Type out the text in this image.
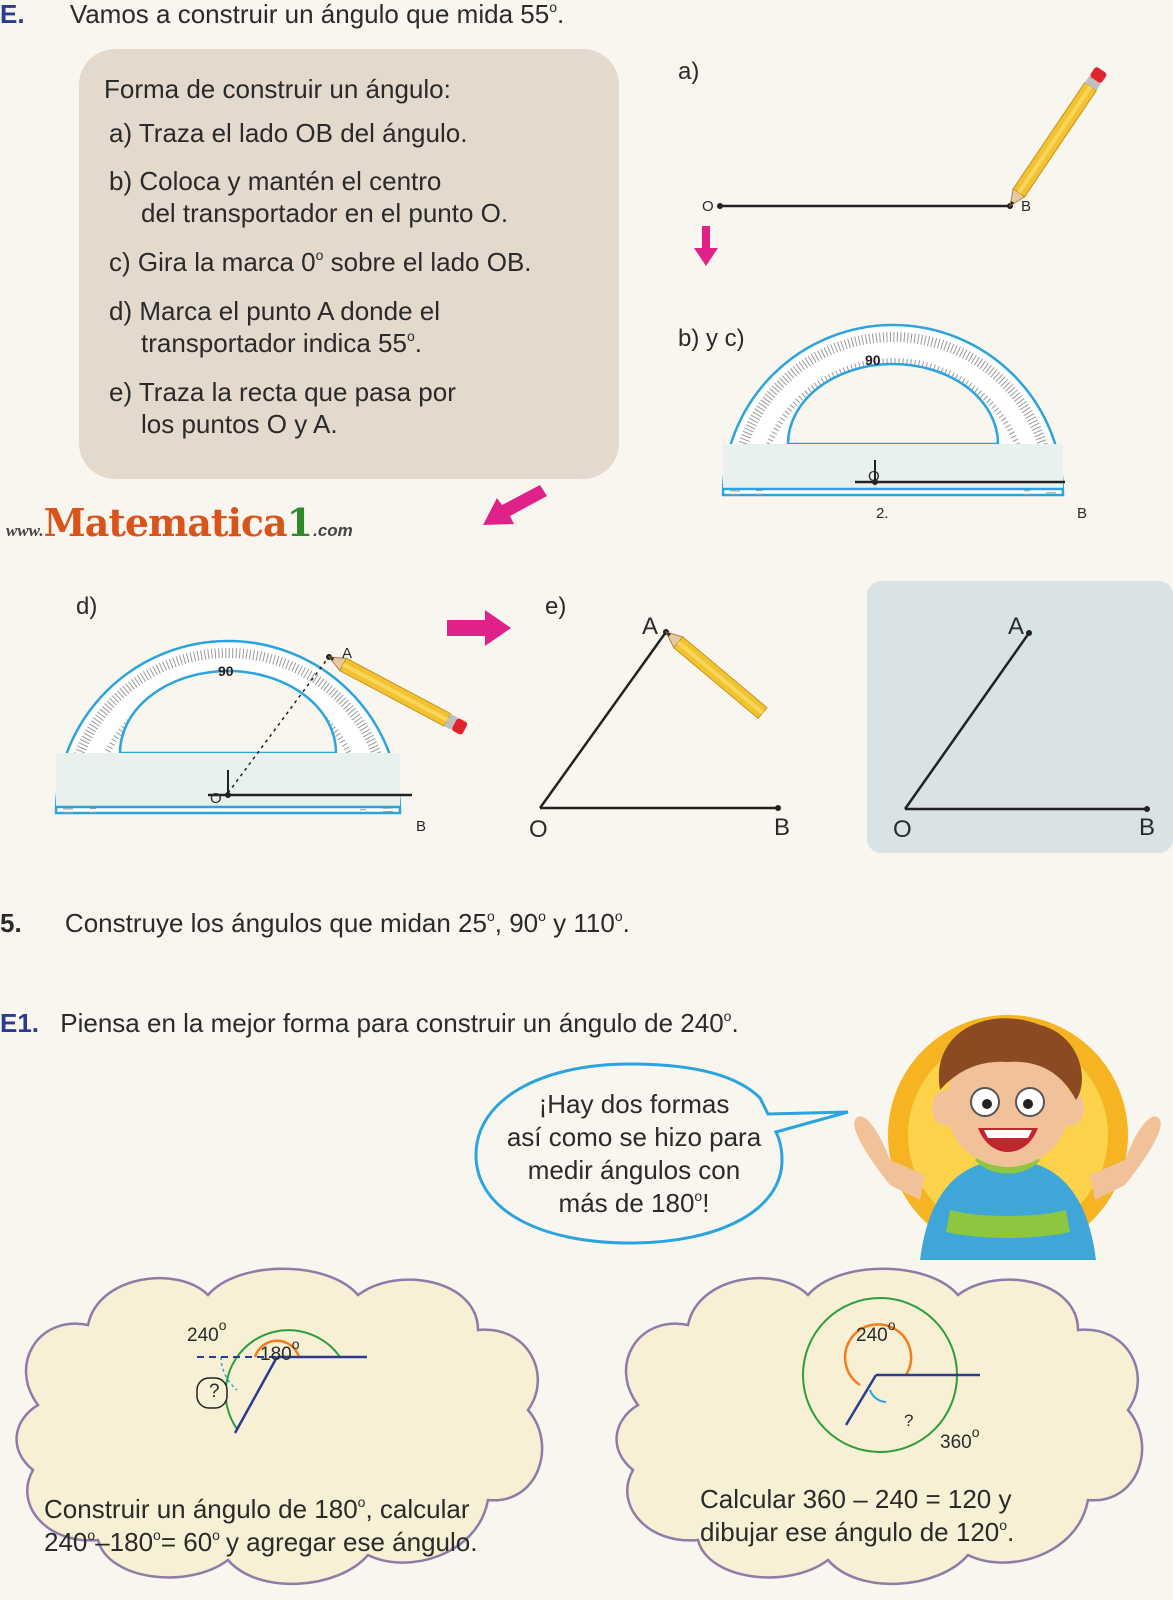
E. Vamos a construir un ángulo que mida 55$^o$.
Forma de construir un ángulo:
a) Traza el lado OB del ángulo.
b) Coloca y mantén el centro
del transportador en el punto O.
c) Gira la marca 0$^o$ sobre el lado OB.
d) Marca el punto A donde el
transportador indica 55$^o$.
e) Traza la recta que pasa por
los puntos O y A.
www.Matematica1.com
a)
O	B
b) y c)
90
O
2.	B
d)
90
A
O
B
e)
A
O	B
A
O	B
5. Construye los ángulos que midan 25$^o$, 90$^o$ y 110$^o$.
E1. Piensa en la mejor forma para construir un ángulo de 240$^o$.
¡Hay dos formas
así como se hizo para
medir ángulos con
más de 180$^o$!
240$^o$
180$^o$
?
Construir un ángulo de 180$^o$, calcular
$240^o-180^o= 60^o$ y agregar ese ángulo.
240$^o$
?
360$^o$
Calcular 360 – 240 = 120 y
dibujar ese ángulo de 120$^o$.
